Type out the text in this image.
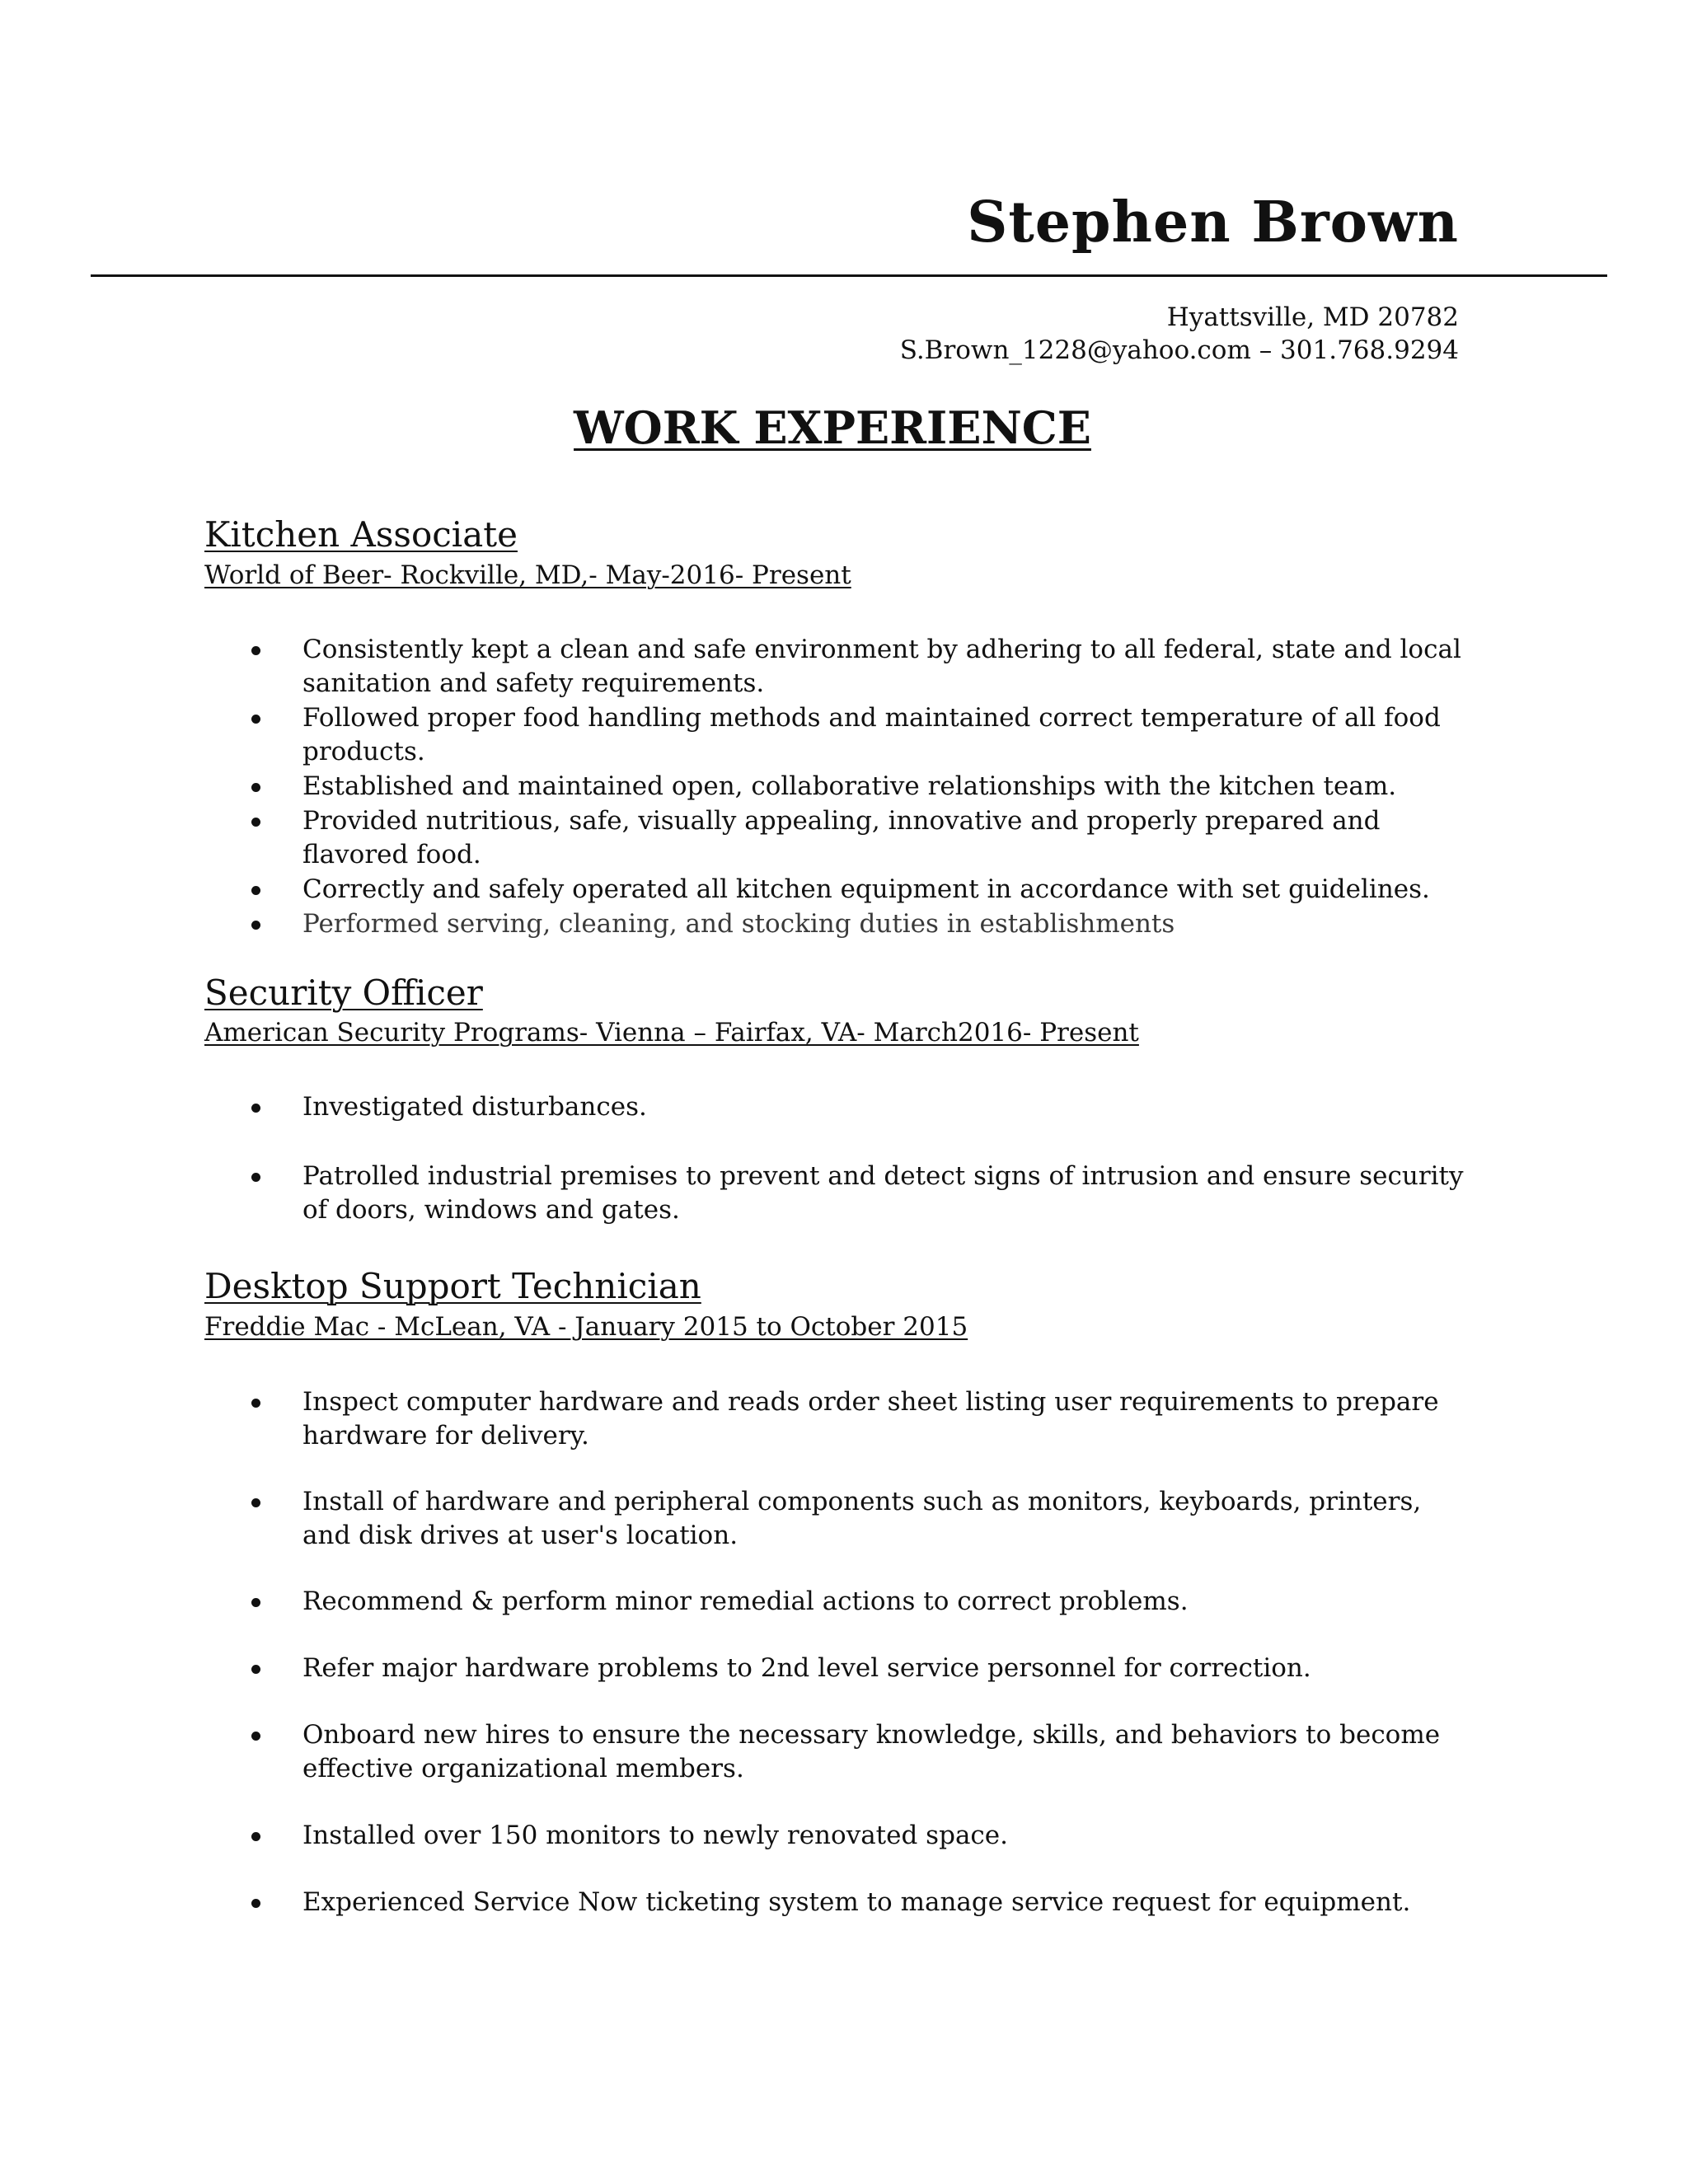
Stephen Brown
Hyattsville, MD 20782
S.Brown_1228@yahoo.com – 301.768.9294
WORK EXPERIENCE
Kitchen Associate
World of Beer- Rockville, MD,- May-2016- Present
Consistently kept a clean and safe environment by adhering to all federal, state and local sanitation and safety requirements.
Followed proper food handling methods and maintained correct temperature of all food products.
Established and maintained open, collaborative relationships with the kitchen team.
Provided nutritious, safe, visually appealing, innovative and properly prepared and flavored food.
Correctly and safely operated all kitchen equipment in accordance with set guidelines.
Performed serving, cleaning, and stocking duties in establishments
Security Officer
American Security Programs- Vienna – Fairfax, VA- March2016- Present
Investigated disturbances.
Patrolled industrial premises to prevent and detect signs of intrusion and ensure security of doors, windows and gates.
Desktop Support Technician
Freddie Mac - McLean, VA - January 2015 to October 2015
Inspect computer hardware and reads order sheet listing user requirements to prepare hardware for delivery.
Install of hardware and peripheral components such as monitors, keyboards, printers, and disk drives at user's location.
Recommend & perform minor remedial actions to correct problems.
Refer major hardware problems to 2nd level service personnel for correction.
Onboard new hires to ensure the necessary knowledge, skills, and behaviors to become effective organizational members.
Installed over 150 monitors to newly renovated space.
Experienced Service Now ticketing system to manage service request for equipment.
